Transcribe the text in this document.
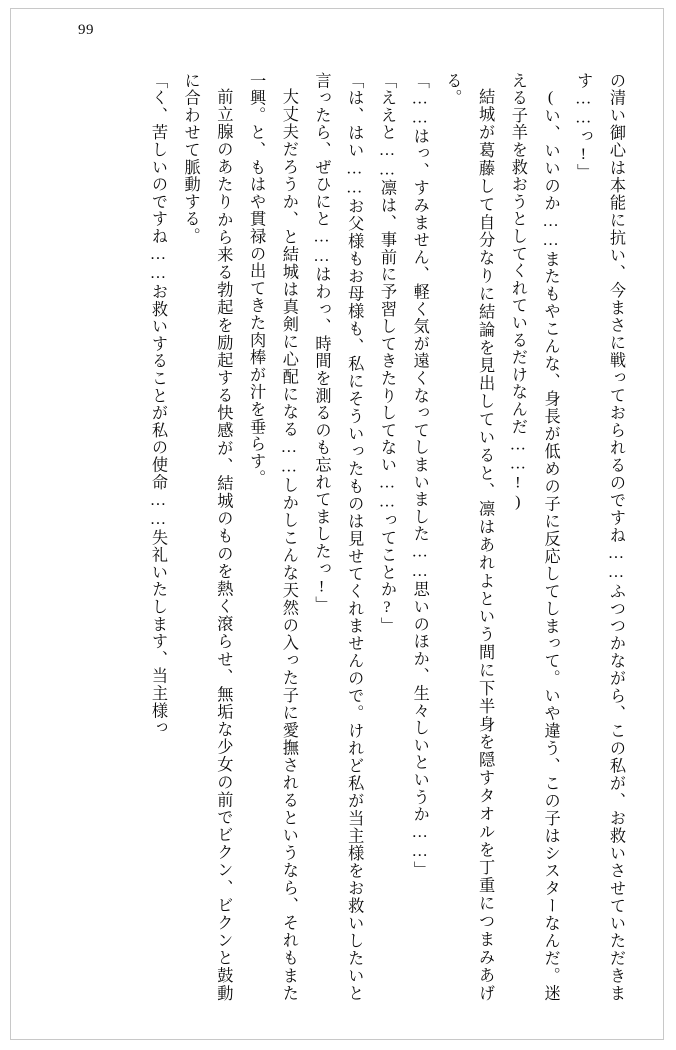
99

の清い御心は本能に抗い、今まさに戦っておられるのですね……ふつつかながら、この私が、お救いさせていただきます……っ!」

(い、いいのか……またもやこんな、身長が低めの子に反応してしまって。いや違う、この子はシスターなんだ。迷える子羊を救おうとしてくれているだけなんだ……!)

結城が葛藤して自分なりに結論を見出していると、凛はあれよという間に下半身を隠すタオルを丁重につまみあげる。

「……はっ、すみません、軽く気が遠くなってしまいました……思いのほか、生々しいというか……」

「ええと……凛は、事前に予習してきたりしてない……ってことか?」

「は、はい……お父様もお母様も、私にそういったものは見せてくれませんので。けれど私が当主様をお救いしたいと言ったら、ぜひにと……はわっ、時間を測るのも忘れてましたっ!」

大丈夫だろうか、と結城は真剣に心配になる……しかしこんな天然の入った子に愛撫されるというなら、それもまた一興。と、もはや貫禄の出てきた肉棒が汁を垂らす。

前立腺のあたりから来る勃起を励起する快感が、結城のものを熱く滾らせ、無垢な少女の前でビクン、ビクンと鼓動に合わせて脈動する。

「く、苦しいのですね……お救いすることが私の使命……失礼いたします、当主様っ
